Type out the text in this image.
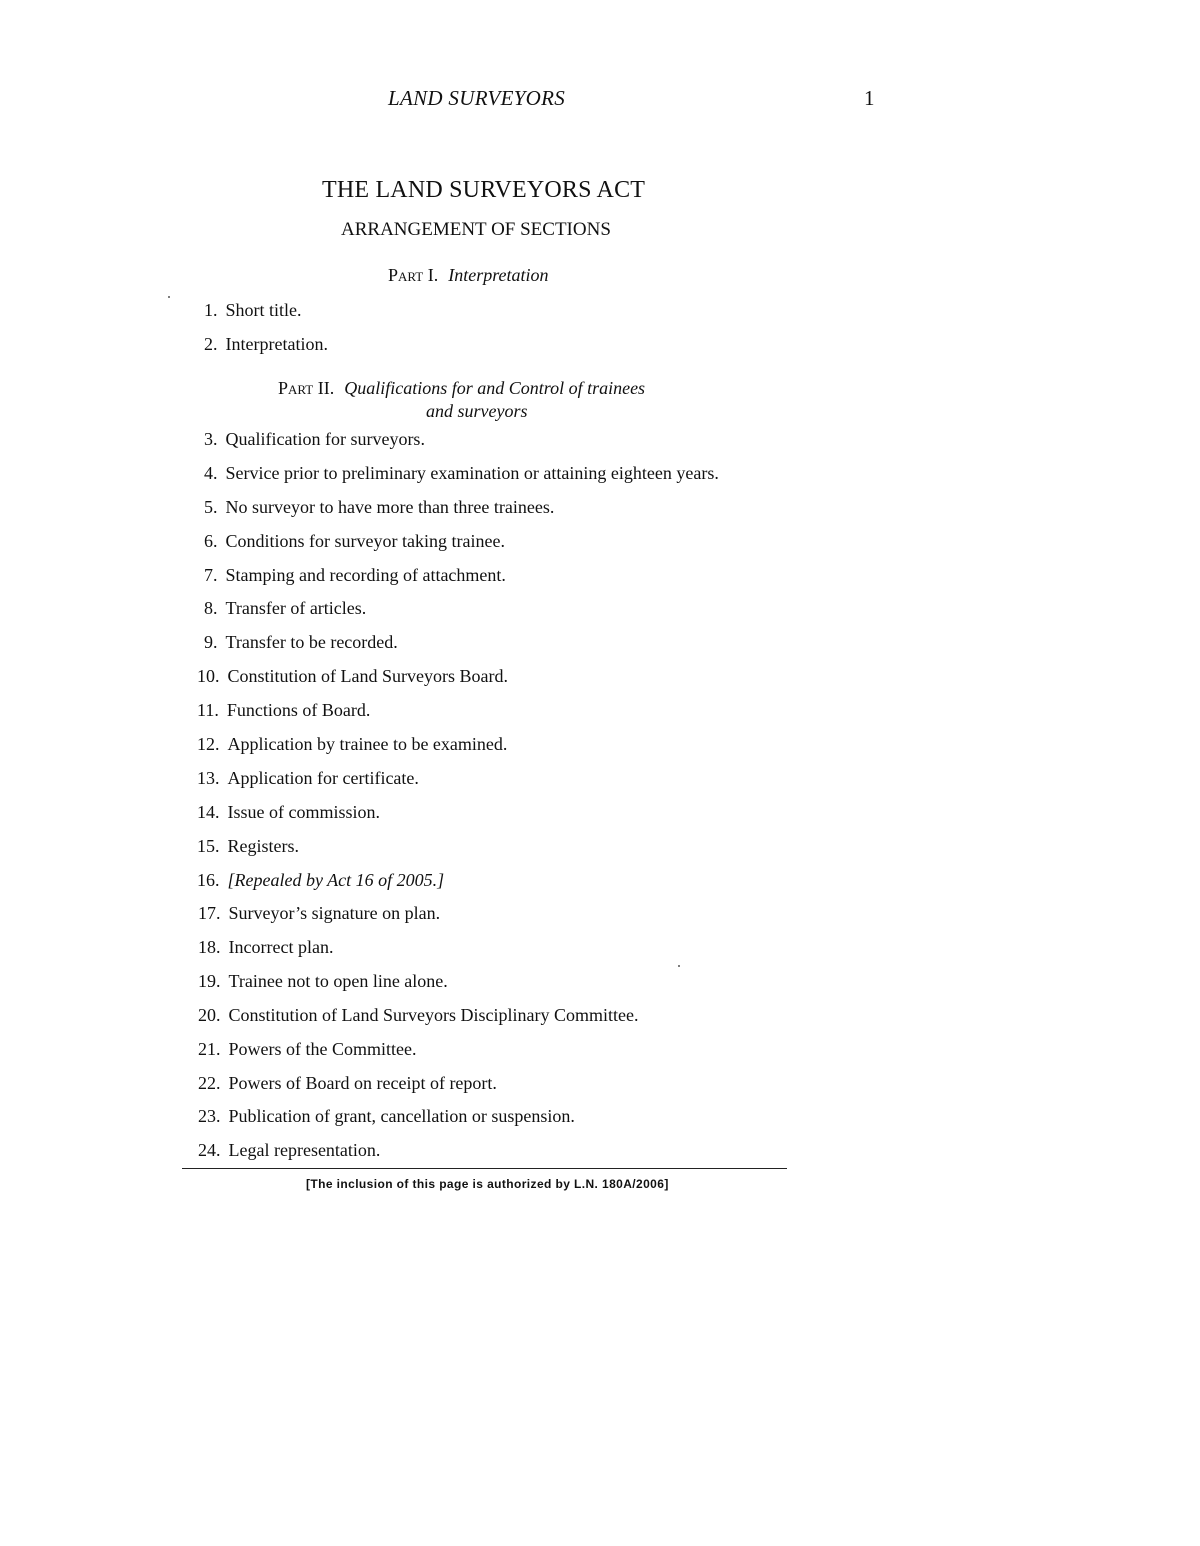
LAND SURVEYORS	1
THE LAND SURVEYORS ACT
ARRANGEMENT OF SECTIONS
Part I. Interpretation
Part II. Qualifications for and Control of trainees
and surveyors
1. Short title.
2. Interpretation.
3. Qualification for surveyors.
4. Service prior to preliminary examination or attaining eighteen years.
5. No surveyor to have more than three trainees.
6. Conditions for surveyor taking trainee.
7. Stamping and recording of attachment.
8. Transfer of articles.
9. Transfer to be recorded.
10. Constitution of Land Surveyors Board.
11. Functions of Board.
12. Application by trainee to be examined.
13. Application for certificate.
14. Issue of commission.
15. Registers.
16. [Repealed by Act 16 of 2005.]
17. Surveyor’s signature on plan.
18. Incorrect plan.
19. Trainee not to open line alone.
20. Constitution of Land Surveyors Disciplinary Committee.
21. Powers of the Committee.
22. Powers of Board on receipt of report.
23. Publication of grant, cancellation or suspension.
24. Legal representation.
[The inclusion of this page is authorized by L.N. 180A/2006]
